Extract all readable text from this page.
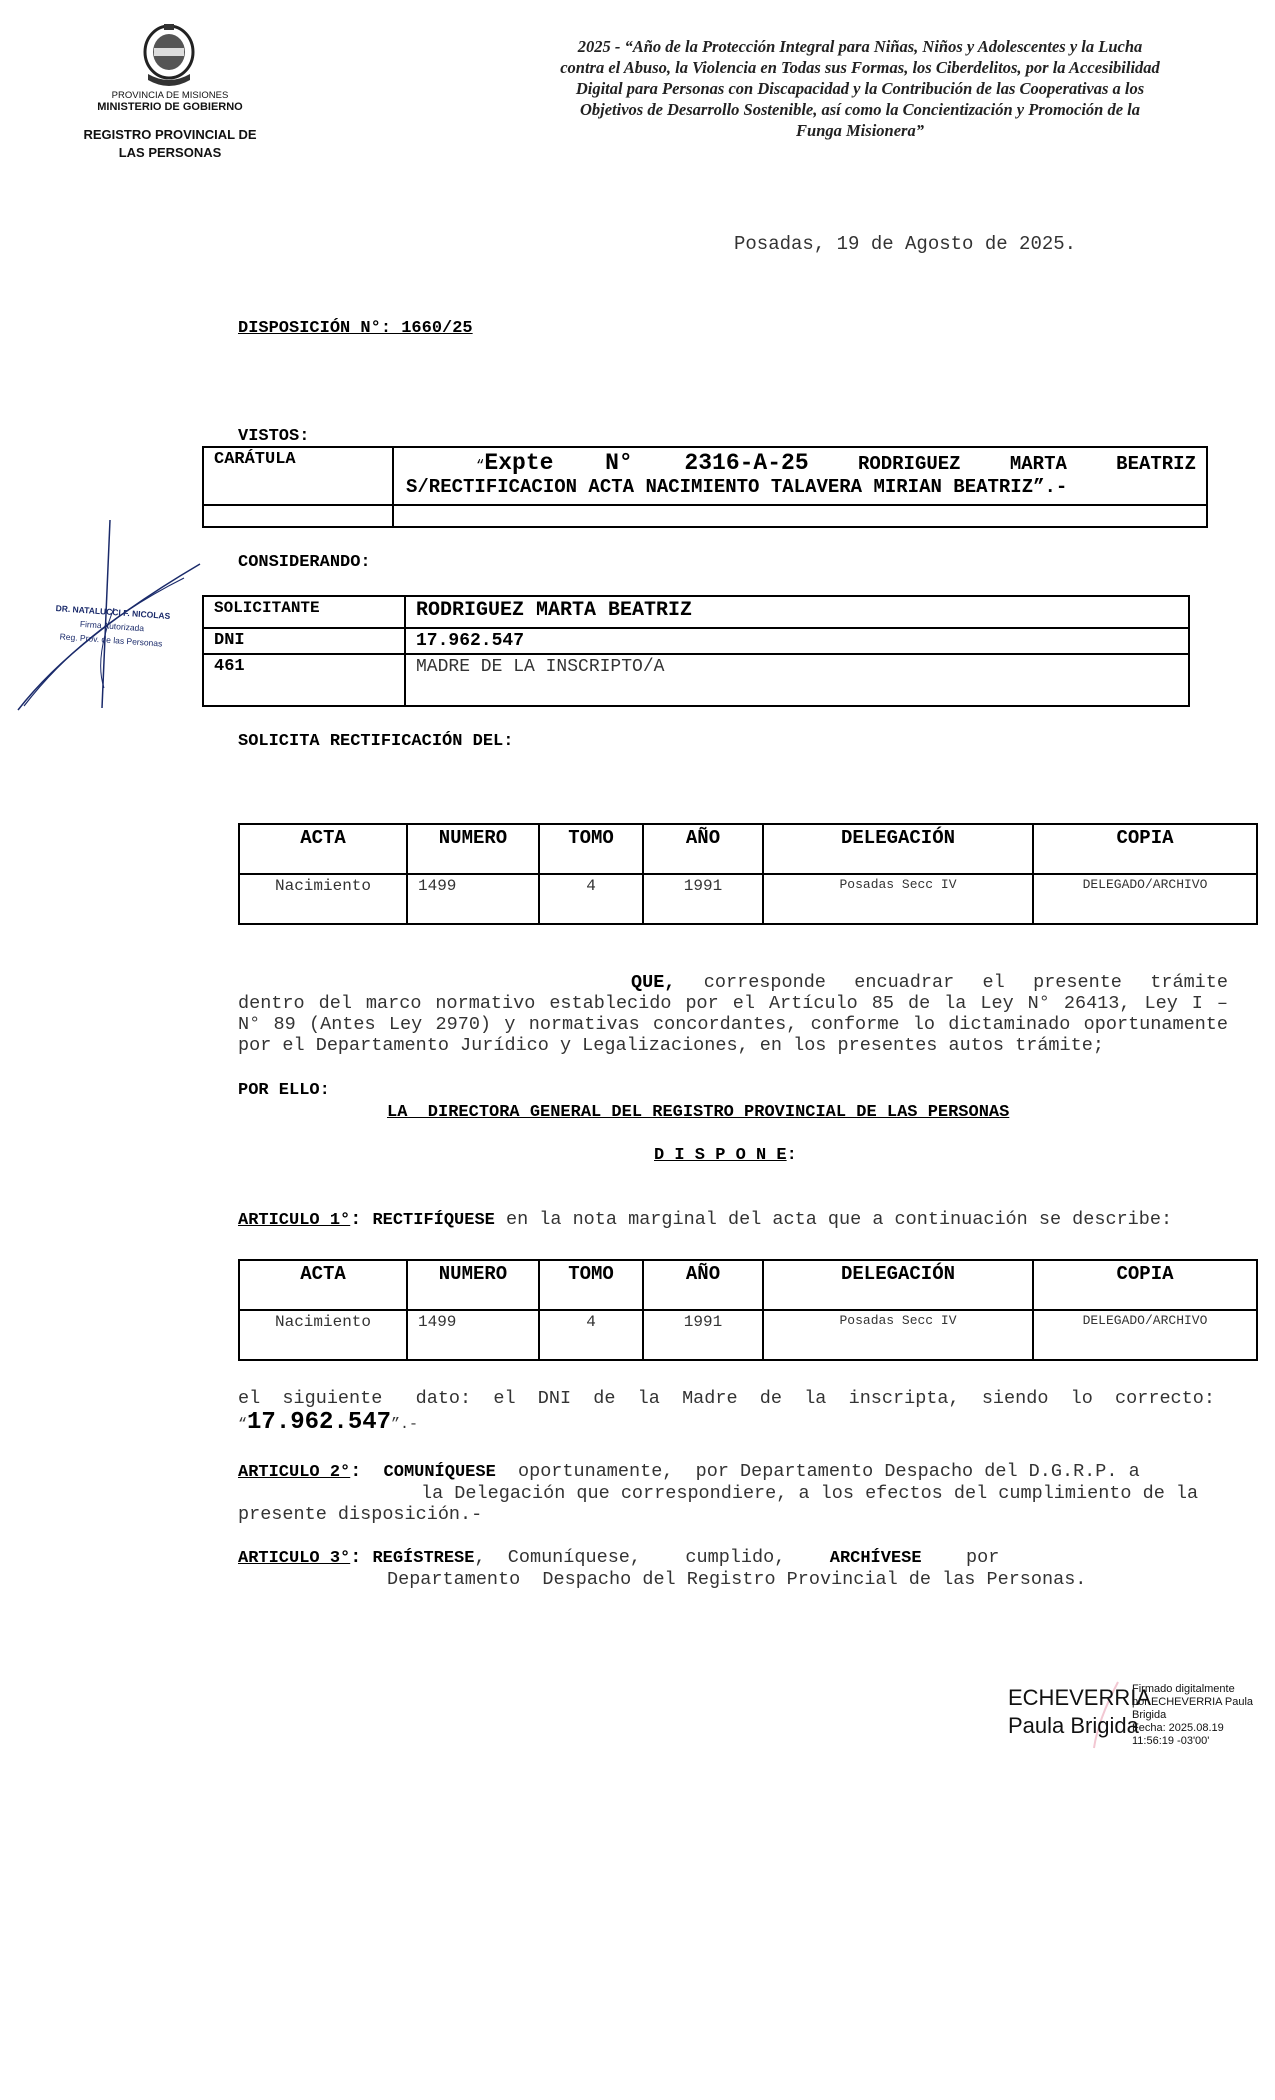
PROVINCIA DE MISIONES
MINISTERIO DE GOBIERNO
REGISTRO PROVINCIAL DE
LAS PERSONAS
2025 - “Año de la Protección Integral para Niñas, Niños y Adolescentes y la Lucha
contra el Abuso, la Violencia en Todas sus Formas, los Ciberdelitos, por la Accesibilidad
Digital para Personas con Discapacidad y la Contribución de las Cooperativas a los
Objetivos de Desarrollo Sostenible, así como la Concientización y Promoción de la
Funga Misionera”
Posadas, 19 de Agosto de 2025.
DISPOSICIÓN N°: 1660/25
VISTOS:
CARÁTULA	“Expte N° 2316-A-25 RODRIGUEZ MARTA BEATRIZ
S/RECTIFICACION ACTA NACIMIENTO TALAVERA MIRIAN BEATRIZ”.-

CONSIDERANDO:
SOLICITANTE	RODRIGUEZ MARTA BEATRIZ
DNI	17.962.547
461	MADRE DE LA INSCRIPTO/A
DR. NATALUCCI F. NICOLAS
Firma Autorizada
Reg. Prov. de las Personas
SOLICITA RECTIFICACIÓN DEL:
ACTA	NUMERO	TOMO	AÑO	DELEGACIÓN	COPIA
Nacimiento	1499	4	1991	Posadas Secc IV	DELEGADO/ARCHIVO
QUE, corresponde encuadrar el presente trámite
dentro del marco normativo establecido por el Artículo 85 de la Ley N° 26413, Ley I –
N° 89 (Antes Ley 2970) y normativas concordantes, conforme lo dictaminado oportunamente
por el Departamento Jurídico y Legalizaciones, en los presentes autos trámite;
POR ELLO:
LA  DIRECTORA GENERAL DEL REGISTRO PROVINCIAL DE LAS PERSONAS
D I S P O N E:

ARTICULO 1°: RECTIFÍQUESE en la nota marginal del acta que a continuación se describe:
ACTA	NUMERO	TOMO	AÑO	DELEGACIÓN	COPIA
Nacimiento	1499	4	1991	Posadas Secc IV	DELEGADO/ARCHIVO
el  siguiente   dato:  el  DNI  de  la  Madre  de  la  inscripta,  siendo  lo  correcto:
“17.962.547”.-
ARTICULO 2°: COMUNÍQUESE oportunamente,  por Departamento Despacho del D.G.R.P. a
la Delegación que correspondiere, a los efectos del cumplimiento de la
presente disposición.-
ARTICULO 3°: REGÍSTRESE,  Comuníquese,    cumplido,	ARCHÍVESE por
Departamento  Despacho del Registro Provincial de las Personas.
ECHEVERRIA
Paula Brigida
Firmado digitalmente
por ECHEVERRIA Paula
Brigida
Fecha: 2025.08.19
11:56:19 -03'00'
